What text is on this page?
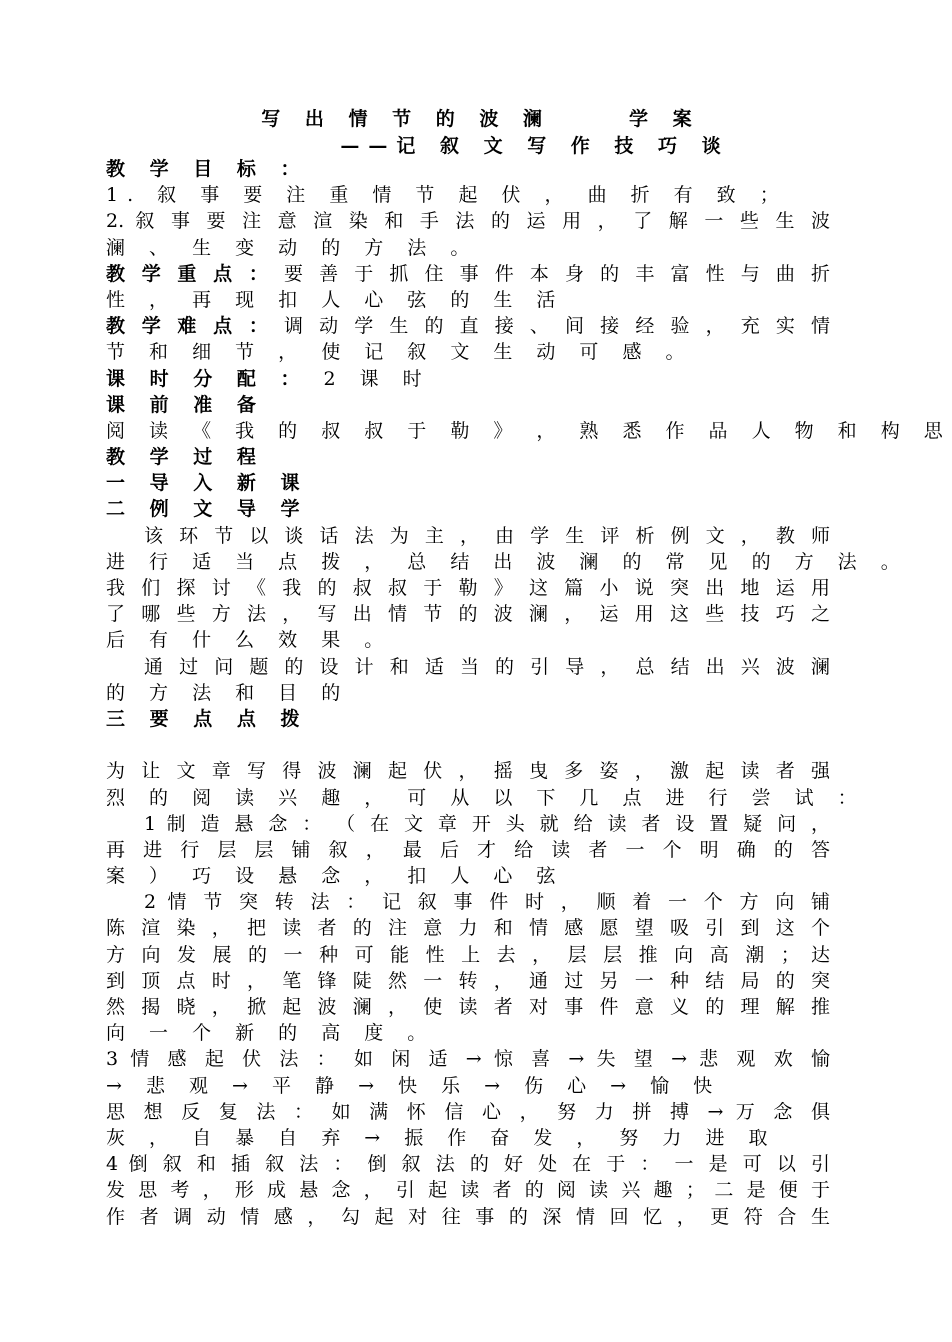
写 出 情 节 的 波 澜     学 案
——记 叙 文 写 作 技 巧 谈
教 学 目 标 ：
1. 叙 事 要 注 重 情 节 起 伏 ， 曲 折 有 致 ；
2. 叙 事 要 注 意 渲 染 和 手 法 的 运 用 ， 了 解 一 些 生 波
澜 、 生 变 动 的 方 法 。
教 学 重 点 ： 要 善 于 抓 住 事 件 本 身 的 丰 富 性 与 曲 折
性 ， 再 现 扣 人 心 弦 的 生 活
教 学 难 点 ： 调 动 学 生 的 直 接 、 间 接 经 验 ， 充 实 情
节 和 细 节 ， 使 记 叙 文 生 动 可 感 。
课 时 分 配 ： 2 课 时
课 前 准 备
阅 读 《 我 的 叔 叔 于 勒 》 ， 熟 悉 作 品 人 物 和 构 思
教 学 过 程
一 导 入 新 课
二 例 文 导 学
该 环 节 以 谈 话 法 为 主 ， 由 学 生 评 析 例 文 ， 教 师
进 行 适 当 点 拨 ， 总 结 出 波 澜 的 常 见 的 方 法 。
我 们 探 讨 《 我 的 叔 叔 于 勒 》 这 篇 小 说 突 出 地 运 用
了 哪 些 方 法 ， 写 出 情 节 的 波 澜 ， 运 用 这 些 技 巧 之
后 有 什 么 效 果 。
通 过 问 题 的 设 计 和 适 当 的 引 导 ， 总 结 出 兴 波 澜
的 方 法 和 目 的
三 要 点 点 拨

为 让 文 章 写 得 波 澜 起 伏 ， 摇 曳 多 姿 ， 激 起 读 者 强
烈 的 阅 读 兴 趣 ， 可 从 以 下 几 点 进 行 尝 试 ：
1 制 造 悬 念 ： （ 在 文 章 开 头 就 给 读 者 设 置 疑 问 ，
再 进 行 层 层 铺 叙 ， 最 后 才 给 读 者 一 个 明 确 的 答
案 ） 巧 设 悬 念 ， 扣 人 心 弦
2 情 节 突 转 法 ： 记 叙 事 件 时 ， 顺 着 一 个 方 向 铺
陈 渲 染 ， 把 读 者 的 注 意 力 和 情 感 愿 望 吸 引 到 这 个
方 向 发 展 的 一 种 可 能 性 上 去 ， 层 层 推 向 高 潮 ； 达
到 顶 点 时 ， 笔 锋 陡 然 一 转 ， 通 过 另 一 种 结 局 的 突
然 揭 晓 ， 掀 起 波 澜 ， 使 读 者 对 事 件 意 义 的 理 解 推
向 一 个 新 的 高 度 。
3 情 感 起 伏 法 ： 如 闲 适 → 惊 喜 → 失 望 → 悲 观 欢 愉
→ 悲 观 → 平 静 → 快 乐 → 伤 心 → 愉 快
思 想 反 复 法 ： 如 满 怀 信 心 ， 努 力 拼 搏 → 万 念 俱
灰 ， 自 暴 自 弃 → 振 作 奋 发 ， 努 力 进 取
4 倒 叙 和 插 叙 法 ： 倒 叙 法 的 好 处 在 于 ： 一 是 可 以 引
发 思 考 ， 形 成 悬 念 ， 引 起 读 者 的 阅 读 兴 趣 ； 二 是 便 于
作 者 调 动 情 感 ， 勾 起 对 往 事 的 深 情 回 忆 ， 更 符 合 生
